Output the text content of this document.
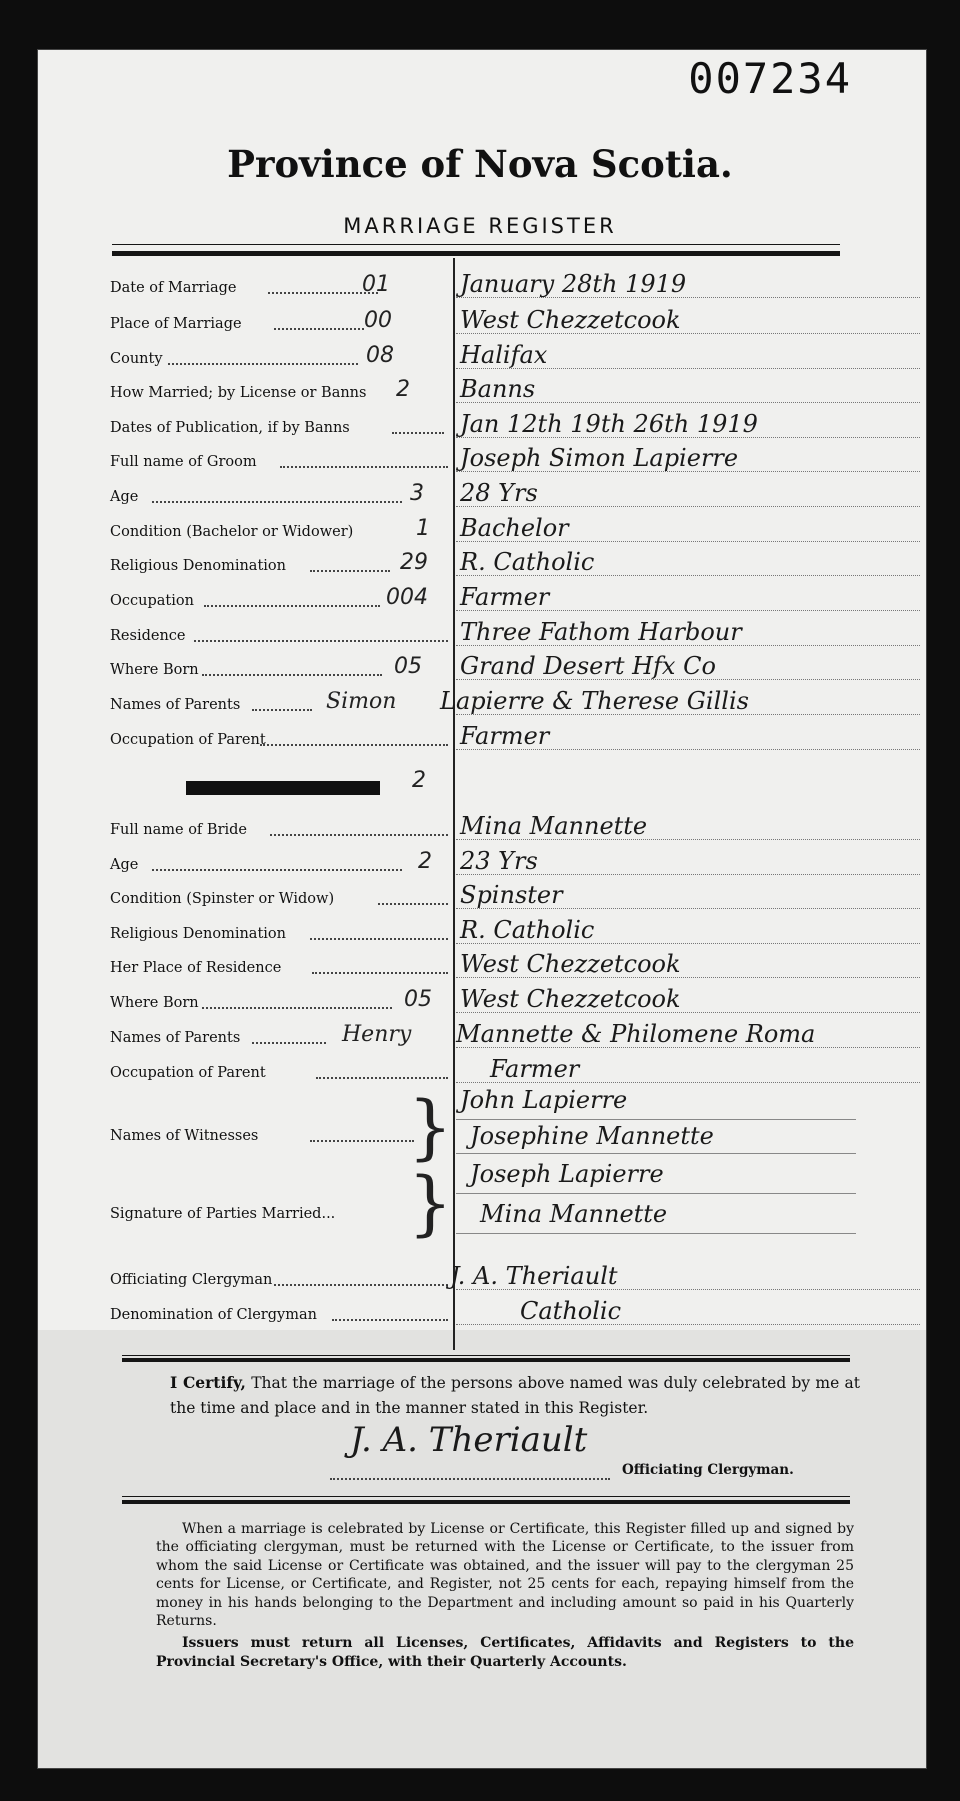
007234
Province of Nova Scotia.
MARRIAGE REGISTER
Date of Marriage	01	January 28th 1919
Place of Marriage	00	West Chezzetcook
County	08	Halifax
How Married; by License or Banns 2 Banns
Dates of Publication, if by Banns	Jan 12th 19th 26th 1919
Full name of Groom	Joseph Simon Lapierre
Age	3 28 Yrs
Condition (Bachelor or Widower)	1 Bachelor
Religious Denomination	29 R. Catholic
Occupation	004 Farmer
Residence	Three Fathom Harbour
Where Born	05 Grand Desert Hfx Co
Names of Parents	Simon Lapierre & Therese Gillis
Occupation of Parent	Farmer
2
Full name of Bride	Mina Mannette
Age	2 23 Yrs
Condition (Spinster or Widow)	Spinster
Religious Denomination	R. Catholic
Her Place of Residence	West Chezzetcook
Where Born	05 West Chezzetcook
Names of Parents	Henry Mannette & Philomene Roma
Occupation of Parent	Farmer
Names of Witnesses } John Lapierre
Josephine Mannette
Signature of Parties Married... } Joseph Lapierre
Mina Mannette
Officiating Clergyman	J. A. Theriault
Denomination of Clergyman	Catholic
I Certify, That the marriage of the persons above named was duly celebrated by me at the time and place and in the manner stated in this Register.
J. A. Theriault
Officiating Clergyman.

When a marriage is celebrated by License or Certificate, this Register filled up and signed by the officiating clergyman, must be returned with the License or Certificate, to the issuer from whom the said License or Certificate was obtained, and the issuer will pay to the clergyman 25 cents for License, or Certificate, and Register, not 25 cents for each, repaying himself from the money in his hands belonging to the Department and including amount so paid in his Quarterly Returns.

Issuers must return all Licenses, Certificates, Affidavits and Registers to the Provincial Secretary's Office, with their Quarterly Accounts.
